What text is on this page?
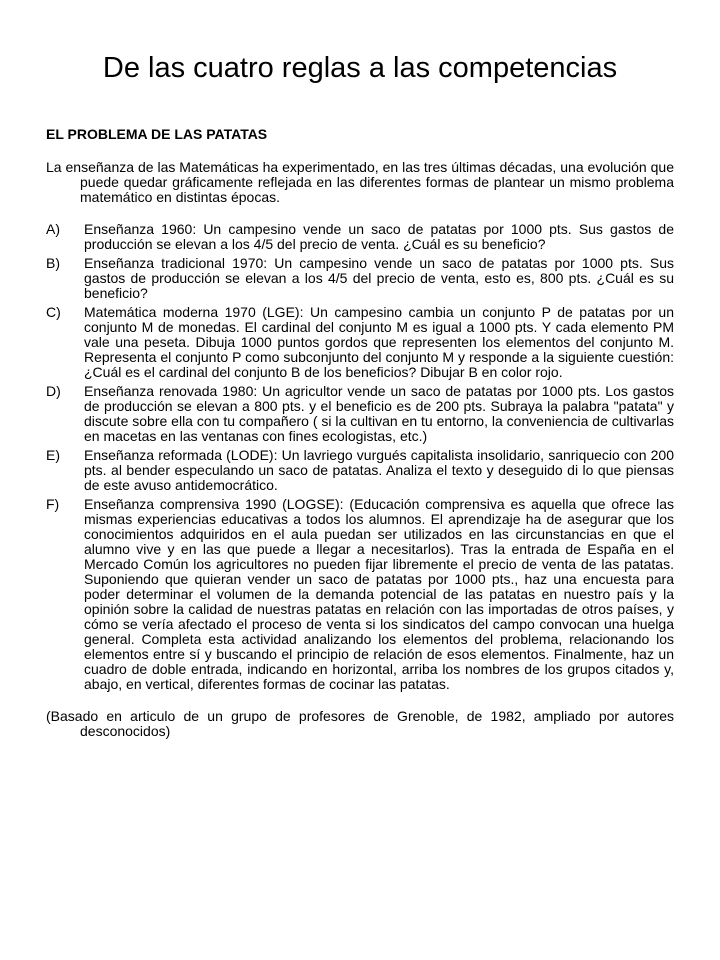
De las cuatro reglas a las competencias
EL PROBLEMA DE LAS PATATAS

La enseñanza de las Matemáticas ha experimentado, en las tres últimas décadas, una evolución que puede quedar gráficamente reflejada en las diferentes formas de plantear un mismo problema matemático en distintas épocas.

A)	Enseñanza 1960: Un campesino vende un saco de patatas por 1000 pts. Sus gastos de producción se elevan a los 4/5 del precio de venta. ¿Cuál es su beneficio?
B)	Enseñanza tradicional 1970: Un campesino vende un saco de patatas por 1000 pts. Sus gastos de producción se elevan a los 4/5 del precio de venta, esto es, 800 pts. ¿Cuál es su beneficio?
C)	Matemática moderna 1970 (LGE): Un campesino cambia un conjunto P de patatas por un conjunto M de monedas. El cardinal del conjunto M es igual a 1000 pts. Y cada elemento PM vale una peseta. Dibuja 1000 puntos gordos que representen los elementos del conjunto M. Representa el conjunto P como subconjunto del conjunto M y responde a la siguiente cuestión: ¿Cuál es el cardinal del conjunto B de los beneficios? Dibujar B en color rojo.
D)	Enseñanza renovada 1980: Un agricultor vende un saco de patatas por 1000 pts. Los gastos de producción se elevan a 800 pts. y el beneficio es de 200 pts. Subraya la palabra "patata" y discute sobre ella con tu compañero ( si la cultivan en tu entorno, la conveniencia de cultivarlas en macetas en las ventanas con fines ecologistas, etc.)
E)	Enseñanza reformada (LODE): Un lavriego vurgués capitalista insolidario, sanriquecio con 200 pts. al bender especulando un saco de patatas. Analiza el texto y deseguido di lo que piensas de este avuso antidemocrático.
F)	Enseñanza comprensiva 1990 (LOGSE): (Educación comprensiva es aquella que ofrece las mismas experiencias educativas a todos los alumnos. El aprendizaje ha de asegurar que los conocimientos adquiridos en el aula puedan ser utilizados en las circunstancias en que el alumno vive y en las que puede a llegar a necesitarlos). Tras la entrada de España en el Mercado Común los agricultores no pueden fijar libremente el precio de venta de las patatas. Suponiendo que quieran vender un saco de patatas por 1000 pts., haz una encuesta para poder determinar el volumen de la demanda potencial de las patatas en nuestro país y la opinión sobre la calidad de nuestras patatas en relación con las importadas de otros países, y cómo se vería afectado el proceso de venta si los sindicatos del campo convocan una huelga general. Completa esta actividad analizando los elementos del problema, relacionando los elementos entre sí y buscando el principio de relación de esos elementos. Finalmente, haz un cuadro de doble entrada, indicando en horizontal, arriba los nombres de los grupos citados y, abajo, en vertical, diferentes formas de cocinar las patatas.

(Basado en articulo de un grupo de profesores de Grenoble, de 1982, ampliado por autores desconocidos)
